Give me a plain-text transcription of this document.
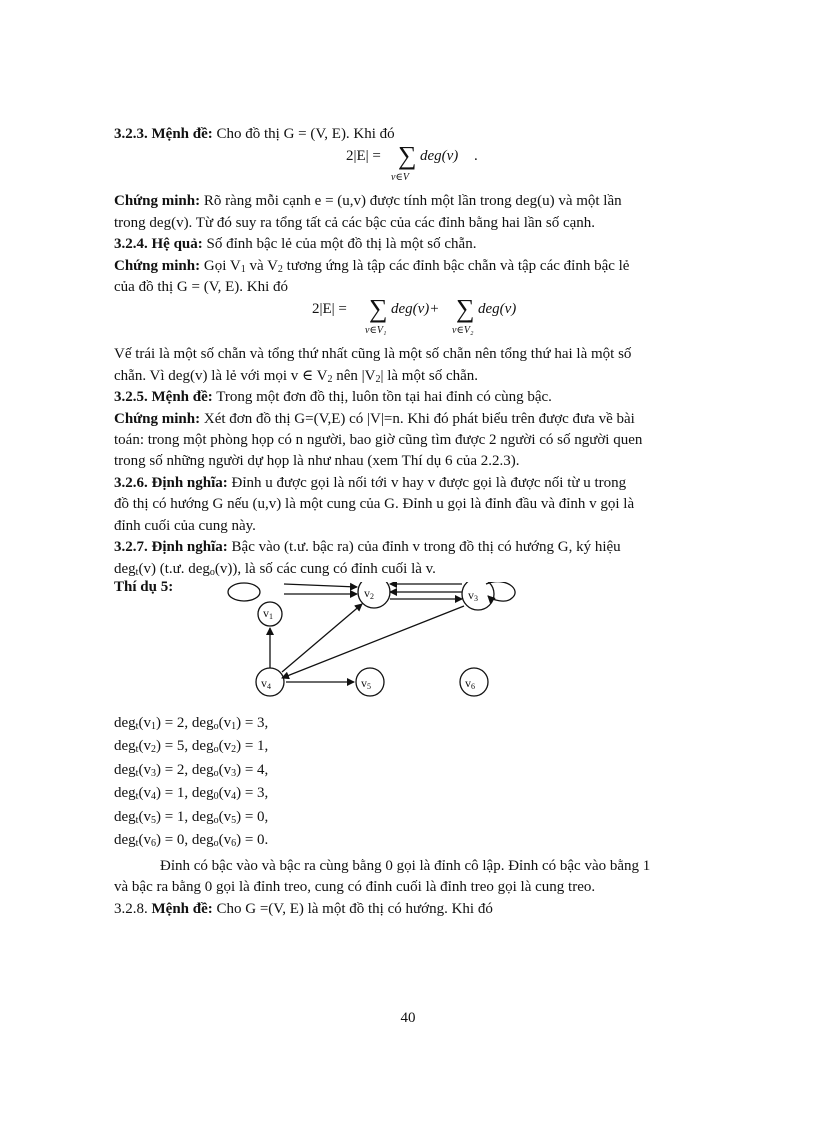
3.2.3. Mệnh đề: Cho đồ thị G = (V, E). Khi đó

2|E| = ∑ deg(v) .
v∈V

Chứng minh: Rõ ràng mỗi cạnh e = (u,v) được tính một lần trong deg(u) và một lần

trong deg(v). Từ đó suy ra tổng tất cả các bậc của các đỉnh bằng hai lần số cạnh.

3.2.4. Hệ quả: Số đỉnh bậc lẻ của một đồ thị là một số chẵn.

Chứng minh: Gọi $V_1$ và $V_2$ tương ứng là tập các đỉnh bậc chẵn và tập các đỉnh bậc lẻ

của đồ thị G = (V, E). Khi đó

2|E| = ∑ deg(v)+ ∑ deg(v)
v∈V₁	v∈V₂

Vế trái là một số chẵn và tổng thứ nhất cũng là một số chẵn nên tổng thứ hai là một số

chẵn. Vì deg(v) là lẻ với mọi v ∈ $V_2$ nên $|V_2|$ là một số chẵn.

3.2.5. Mệnh đề: Trong một đơn đồ thị, luôn tồn tại hai đỉnh có cùng bậc.

Chứng minh: Xét đơn đồ thị G=(V,E) có |V|=n. Khi đó phát biểu trên được đưa về bài

toán: trong một phòng họp có n người, bao giờ cũng tìm được 2 người có số người quen

trong số những người dự họp là như nhau (xem Thí dụ 6 của 2.2.3).

3.2.6. Định nghĩa: Đỉnh u được gọi là nối tới v hay v được gọi là được nối từ u trong

đồ thị có hướng G nếu (u,v) là một cung của G. Đỉnh u gọi là đỉnh đầu và đỉnh v gọi là

đỉnh cuối của cung này.

3.2.7. Định nghĩa: Bậc vào (t.ư. bậc ra) của đỉnh v trong đồ thị có hướng G, ký hiệu

deg$_t$(v) (t.ư. deg$_o$(v)), là số các cung có đỉnh cuối là v.

Thí dụ 5:	v2	v3
v1
v4	v5	v6

$deg_t(v_1) = 2$, $deg_o(v_1) = 3$,

$deg_t(v_2) = 5$, $deg_o(v_2) = 1$,

$deg_t(v_3) = 2$, $deg_o(v_3) = 4$,

$deg_t(v_4) = 1$, $deg_0(v_4) = 3$,

$deg_t(v_5) = 1$, $deg_o(v_5) = 0$,

$deg_t(v_6) = 0$, $deg_o(v_6) = 0$.

Đỉnh có bậc vào và bậc ra cùng bằng 0 gọi là đỉnh cô lập. Đỉnh có bậc vào bằng 1

và bậc ra bằng 0 gọi là đỉnh treo, cung có đỉnh cuối là đỉnh treo gọi là cung treo.

3.2.8. Mệnh đề: Cho G =(V, E) là một đồ thị có hướng. Khi đó

40
